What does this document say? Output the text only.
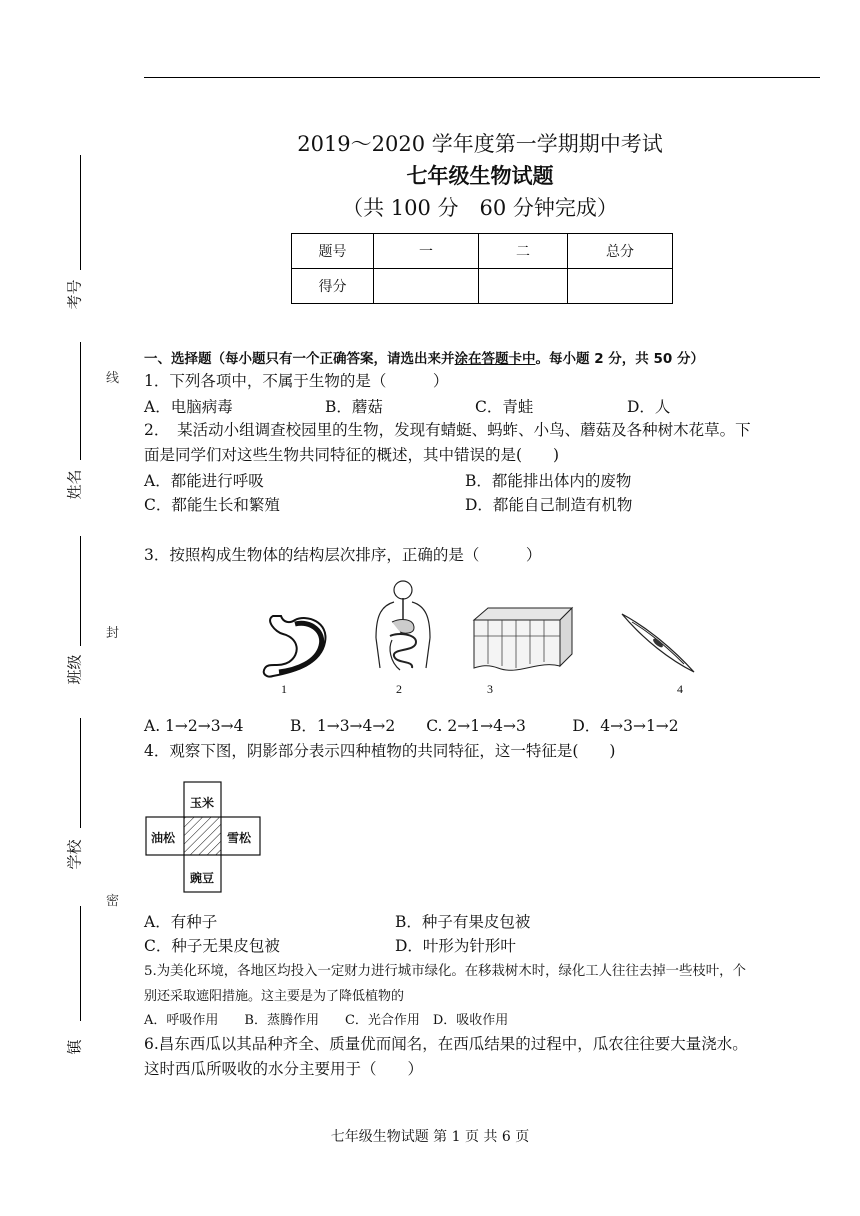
考号
线
姓名
封
班级
学校
密
镇
2019～2020 学年度第一学期期中考试
七年级生物试题
（共 100 分　60 分钟完成）
题号	一	二	总分
得分			
一、选择题（每小题只有一个正确答案，请选出来并涂在答题卡中。每小题 2 分，共 50 分）
1．下列各项中，不属于生物的是（　　　）
A．电脑病毒	B．蘑菇	C．青蛙	D．人
2．　某活动小组调查校园里的生物，发现有蜻蜓、蚂蚱、小鸟、蘑菇及各种树木花草。下
面是同学们对这些生物共同特征的概述，其中错误的是(　　)
A．都能进行呼吸	B．都能排出体内的废物
C．都能生长和繁殖	D．都能自己制造有机物
3．按照构成生物体的结构层次排序，正确的是（　　　）
1	2	3	4
A. 1→2→3→4　　　B．1→3→4→2　　C. 2→1→4→3　　　D．4→3→1→2
4．观察下图，阴影部分表示四种植物的共同特征，这一特征是(　　)
玉米
油松	雪松
豌豆
A．有种子	B．种子有果皮包被
C．种子无果皮包被	D．叶形为针形叶
5.为美化环境，各地区均投入一定财力进行城市绿化。在移栽树木时，绿化工人往往去掉一些枝叶，个
别还采取遮阳措施。这主要是为了降低植物的
A．呼吸作用　　B．蒸腾作用　　C．光合作用　D．吸收作用
6.昌东西瓜以其品种齐全、质量优而闻名，在西瓜结果的过程中，瓜农往往要大量浇水。
这时西瓜所吸收的水分主要用于（　　）
七年级生物试题 第 1 页 共 6 页
